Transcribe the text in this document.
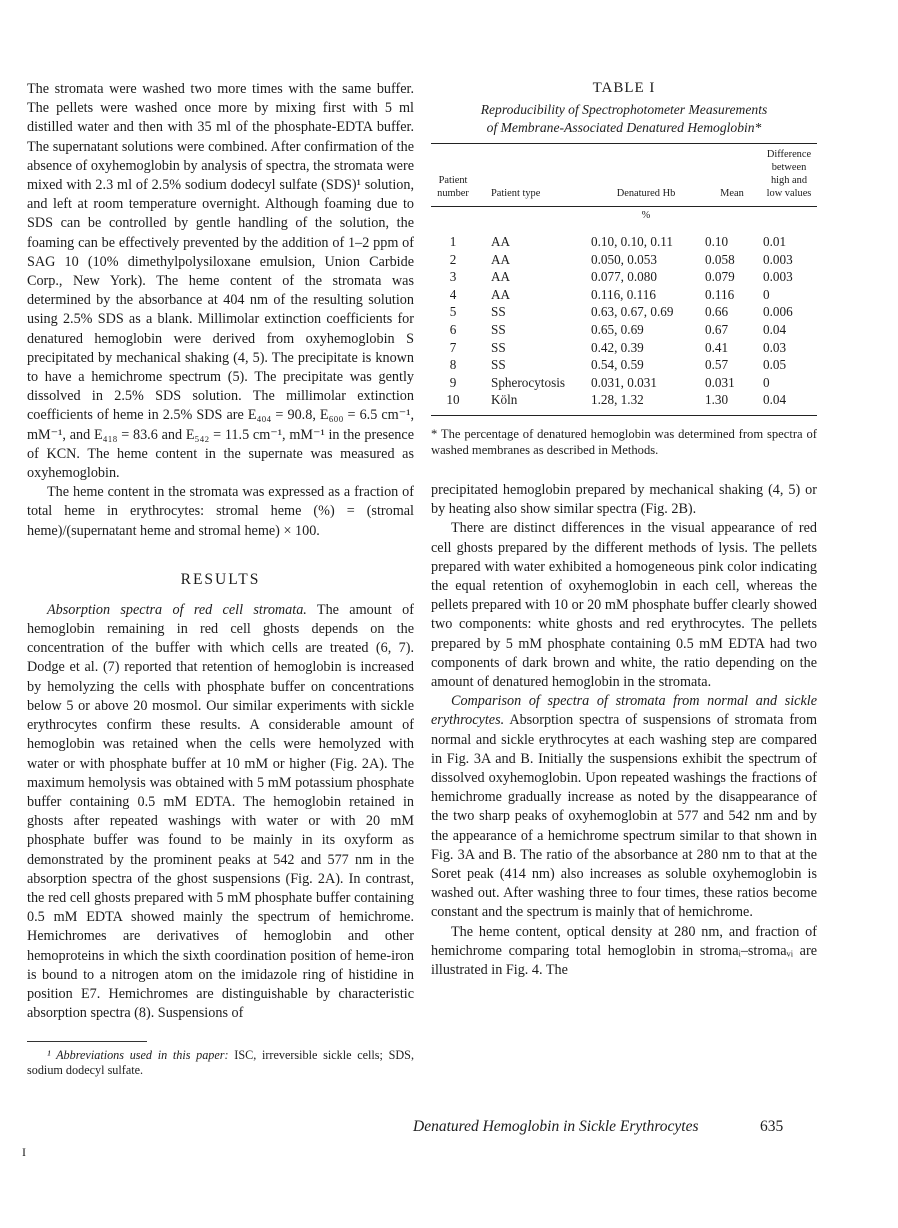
The stromata were washed two more times with the same buffer. The pellets were washed once more by mixing first with 5 ml distilled water and then with 35 ml of the phosphate-EDTA buffer. The supernatant solutions were combined. After confirmation of the absence of oxyhemoglobin by analysis of spectra, the stromata were mixed with 2.3 ml of 2.5% sodium dodecyl sulfate (SDS)¹ solution, and left at room temperature overnight. Although foaming due to SDS can be controlled by gentle handling of the solution, the foaming can be effectively prevented by the addition of 1–2 ppm of SAG 10 (10% dimethylpolysiloxane emulsion, Union Carbide Corp., New York). The heme content of the stromata was determined by the absorbance at 404 nm of the resulting solution using 2.5% SDS as a blank. Millimolar extinction coefficients for denatured hemoglobin were derived from oxyhemoglobin S precipitated by mechanical shaking (4, 5). The precipitate is known to have a hemichrome spectrum (5). The precipitate was gently dissolved in 2.5% SDS solution. The millimolar extinction coefficients of heme in 2.5% SDS are E₄₀₄ = 90.8, E₆₀₀ = 6.5 cm⁻¹, mM⁻¹, and E₄₁₈ = 83.6 and E₅₄₂ = 11.5 cm⁻¹, mM⁻¹ in the presence of KCN. The heme content in the supernate was measured as oxyhemoglobin.

The heme content in the stromata was expressed as a fraction of total heme in erythrocytes: stromal heme (%) = (stromal heme)/(supernatant heme and stromal heme) × 100.

RESULTS

Absorption spectra of red cell stromata. The amount of hemoglobin remaining in red cell ghosts depends on the concentration of the buffer with which cells are treated (6, 7). Dodge et al. (7) reported that retention of hemoglobin is increased by hemolyzing the cells with phosphate buffer on concentrations below 5 or above 20 mosmol. Our similar experiments with sickle erythrocytes confirm these results. A considerable amount of hemoglobin was retained when the cells were hemolyzed with water or with phosphate buffer at 10 mM or higher (Fig. 2A). The maximum hemolysis was obtained with 5 mM potassium phosphate buffer containing 0.5 mM EDTA. The hemoglobin retained in ghosts after repeated washings with water or with 20 mM phosphate buffer was found to be mainly in its oxyform as demonstrated by the prominent peaks at 542 and 577 nm in the absorption spectra of the ghost suspensions (Fig. 2A). In contrast, the red cell ghosts prepared with 5 mM phosphate buffer containing 0.5 mM EDTA showed mainly the spectrum of hemichrome. Hemichromes are derivatives of hemoglobin and other hemoproteins in which the sixth coordination position of heme-iron is bound to a nitrogen atom on the imidazole ring of histidine in position E7. Hemichromes are distinguishable by characteristic absorption spectra (8). Suspensions of

¹ Abbreviations used in this paper: ISC, irreversible sickle cells; SDS, sodium dodecyl sulfate.

TABLE I
Reproducibility of Spectrophotometer Measurements
of Membrane-Associated Denatured Hemoglobin*
Patient number	Patient type	Denatured Hb	Mean	Difference between high and low values
		%		
1	AA	0.10, 0.10, 0.11	0.10	0.01
2	AA	0.050, 0.053	0.058	0.003
3	AA	0.077, 0.080	0.079	0.003
4	AA	0.116, 0.116	0.116	0
5	SS	0.63, 0.67, 0.69	0.66	0.006
6	SS	0.65, 0.69	0.67	0.04
7	SS	0.42, 0.39	0.41	0.03
8	SS	0.54, 0.59	0.57	0.05
9	Spherocytosis	0.031, 0.031	0.031	0
10	Köln	1.28, 1.32	1.30	0.04

* The percentage of denatured hemoglobin was determined from spectra of washed membranes as described in Methods.

precipitated hemoglobin prepared by mechanical shaking (4, 5) or by heating also show similar spectra (Fig. 2B).

There are distinct differences in the visual appearance of red cell ghosts prepared by the different methods of lysis. The pellets prepared with water exhibited a homogeneous pink color indicating the equal retention of oxyhemoglobin in each cell, whereas the pellets prepared with 10 or 20 mM phosphate buffer clearly showed two components: white ghosts and red erythrocytes. The pellets prepared by 5 mM phosphate containing 0.5 mM EDTA had two components of dark brown and white, the ratio depending on the amount of denatured hemoglobin in the stromata.

Comparison of spectra of stromata from normal and sickle erythrocytes. Absorption spectra of suspensions of stromata from normal and sickle erythrocytes at each washing step are compared in Fig. 3A and B. Initially the suspensions exhibit the spectrum of dissolved oxyhemoglobin. Upon repeated washings the fractions of hemichrome gradually increase as noted by the disappearance of the two sharp peaks of oxyhemoglobin at 577 and 542 nm and by the appearance of a hemichrome spectrum similar to that shown in Fig. 3A and B. The ratio of the absorbance at 280 nm to that at the Soret peak (414 nm) also increases as soluble oxyhemoglobin is washed out. After washing three to four times, these ratios become constant and the spectrum is mainly that of hemichrome.

The heme content, optical density at 280 nm, and fraction of hemichrome comparing total hemoglobin in stromaᵢ–stromaᵥᵢ are illustrated in Fig. 4. The

Denatured Hemoglobin in Sickle Erythrocytes	635
I
